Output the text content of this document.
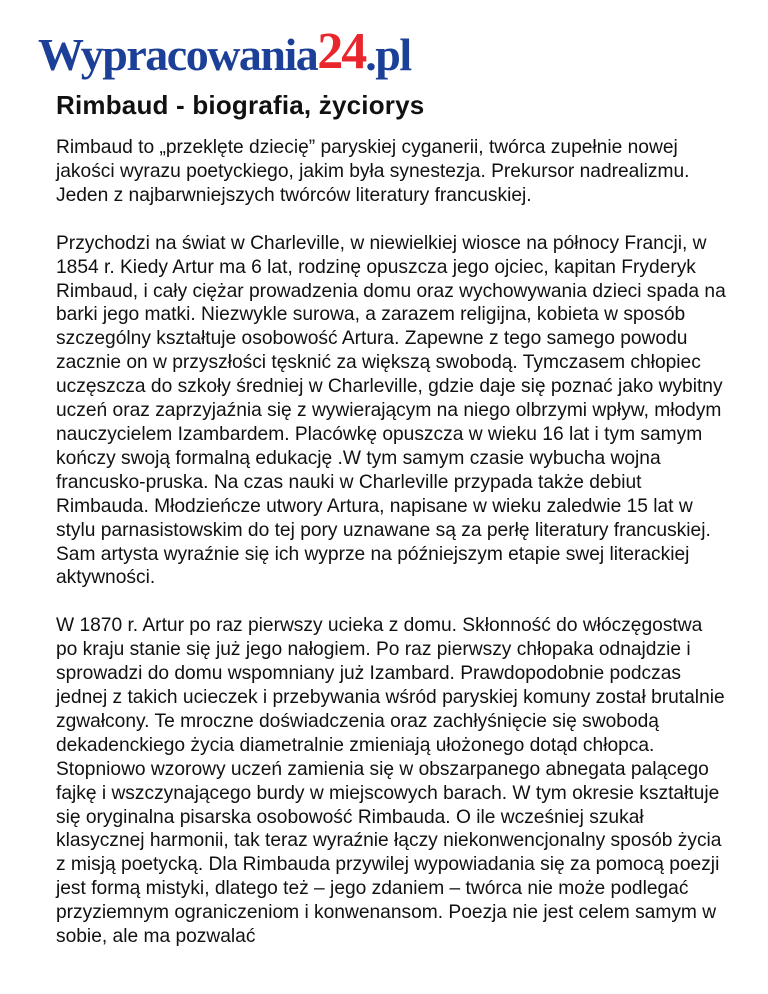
Wypracowania 24 .pl
Rimbaud - biografia, życiorys

Rimbaud to „przeklęte dziecię” paryskiej cyganerii, twórca zupełnie nowej jakości wyrazu poetyckiego, jakim była synestezja. Prekursor nadrealizmu. Jeden z najbarwniejszych twórców literatury francuskiej.

Przychodzi na świat w Charleville, w niewielkiej wiosce na północy Francji, w 1854 r. Kiedy Artur ma 6 lat, rodzinę opuszcza jego ojciec, kapitan Fryderyk Rimbaud, i cały ciężar prowadzenia domu oraz wychowywania dzieci spada na barki jego matki. Niezwykle surowa, a zarazem religijna, kobieta w sposób szczególny kształtuje osobowość Artura. Zapewne z tego samego powodu zacznie on w przyszłości tęsknić za większą swobodą. Tymczasem chłopiec uczęszcza do szkoły średniej w Charleville, gdzie daje się poznać jako wybitny uczeń oraz zaprzyjaźnia się z wywierającym na niego olbrzymi wpływ, młodym nauczycielem Izambardem. Placówkę opuszcza w wieku 16 lat i tym samym kończy swoją formalną edukację .W tym samym czasie wybucha wojna francusko-pruska. Na czas nauki w Charleville przypada także debiut Rimbauda. Młodzieńcze utwory Artura, napisane w wieku zaledwie 15 lat w stylu parnasistowskim do tej pory uznawane są za perłę literatury francuskiej. Sam artysta wyraźnie się ich wyprze na późniejszym etapie swej literackiej aktywności.

W 1870 r. Artur po raz pierwszy ucieka z domu. Skłonność do włóczęgostwa po kraju stanie się już jego nałogiem. Po raz pierwszy chłopaka odnajdzie i sprowadzi do domu wspomniany już Izambard. Prawdopodobnie podczas jednej z takich ucieczek i przebywania wśród paryskiej komuny został brutalnie zgwałcony. Te mroczne doświadczenia oraz zachłyśnięcie się swobodą dekadenckiego życia diametralnie zmieniają ułożonego dotąd chłopca. Stopniowo wzorowy uczeń zamienia się w obszarpanego abnegata palącego fajkę i wszczynającego burdy w miejscowych barach. W tym okresie kształtuje się oryginalna pisarska osobowość Rimbauda. O ile wcześniej szukał klasycznej harmonii, tak teraz wyraźnie łączy niekonwencjonalny sposób życia z misją poetycką. Dla Rimbauda przywilej wypowiadania się za pomocą poezji jest formą mistyki, dlatego też – jego zdaniem – twórca nie może podlegać przyziemnym ograniczeniom i konwenansom. Poezja nie jest celem samym w sobie, ale ma pozwalać
